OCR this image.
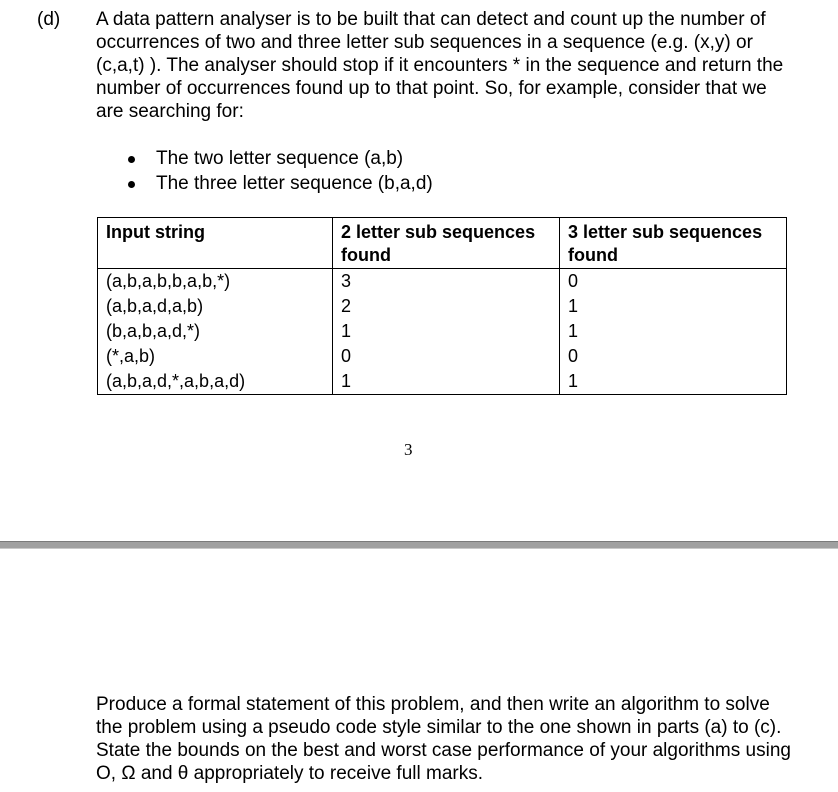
(d) A data pattern analyser is to be built that can detect and count up the number of occurrences of two and three letter sub sequences in a sequence (e.g. (x,y) or (c,a,t) ). The analyser should stop if it encounters * in the sequence and return the number of occurrences found up to that point. So, for example, consider that we are searching for:

The two letter sequence (a,b)
The three letter sequence (b,a,d)
Input string	2 letter sub sequences found	3 letter sub sequences found
(a,b,a,b,b,a,b,*)	3	0
(a,b,a,d,a,b)	2	1
(b,a,b,a,d,*)	1	1
(*,a,b)	0	0
(a,b,a,d,*,a,b,a,d)	1	1
3

Produce a formal statement of this problem, and then write an algorithm to solve the problem using a pseudo code style similar to the one shown in parts (a) to (c). State the bounds on the best and worst case performance of your algorithms using O, Ω and θ appropriately to receive full marks.
